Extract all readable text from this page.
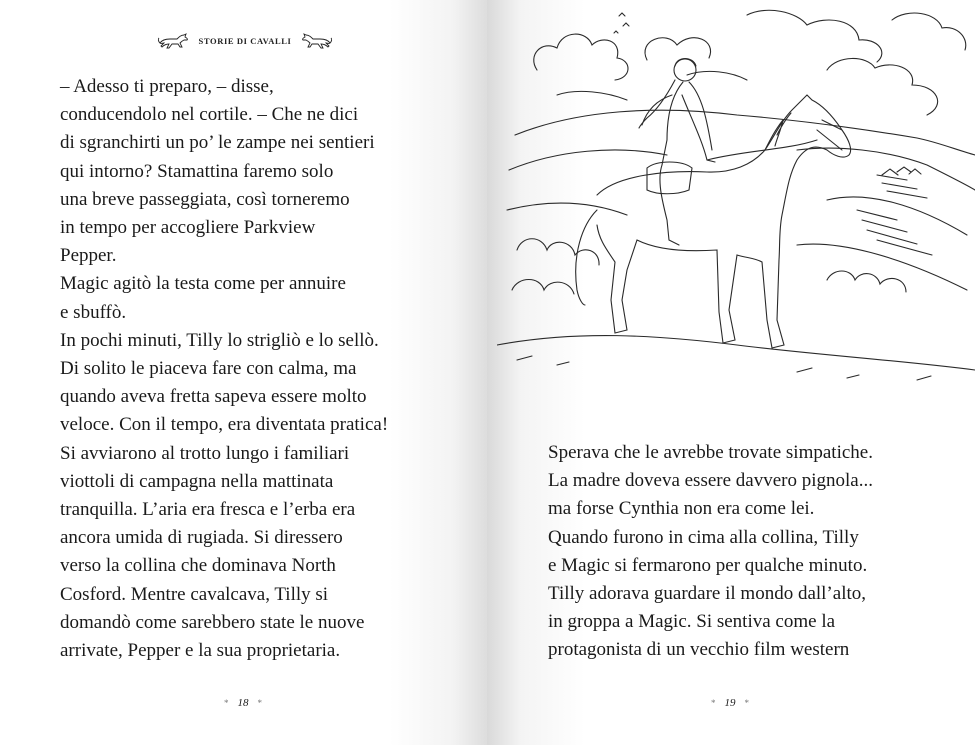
STORIE DI CAVALLI
– Adesso ti preparo, – disse,
conducendolo nel cortile. – Che ne dici
di sgranchirti un po’ le zampe nei sentieri
qui intorno? Stamattina faremo solo
una breve passeggiata, così torneremo
in tempo per accogliere Parkview
Pepper.
Magic agitò la testa come per annuire
e sbuffò.
In pochi minuti, Tilly lo strigliò e lo sellò.
Di solito le piaceva fare con calma, ma
quando aveva fretta sapeva essere molto
veloce. Con il tempo, era diventata pratica!
Si avviarono al trotto lungo i familiari
viottoli di campagna nella mattinata
tranquilla. L’aria era fresca e l’erba era
ancora umida di rugiada. Si diressero
verso la collina che dominava North
Cosford. Mentre cavalcava, Tilly si
domandò come sarebbero state le nuove
arrivate, Pepper e la sua proprietaria.
* 18 *
Sperava che le avrebbe trovate simpatiche.
La madre doveva essere davvero pignola...
ma forse Cynthia non era come lei.
Quando furono in cima alla collina, Tilly
e Magic si fermarono per qualche minuto.
Tilly adorava guardare il mondo dall’alto,
in groppa a Magic. Si sentiva come la
protagonista di un vecchio film western
* 19 *
